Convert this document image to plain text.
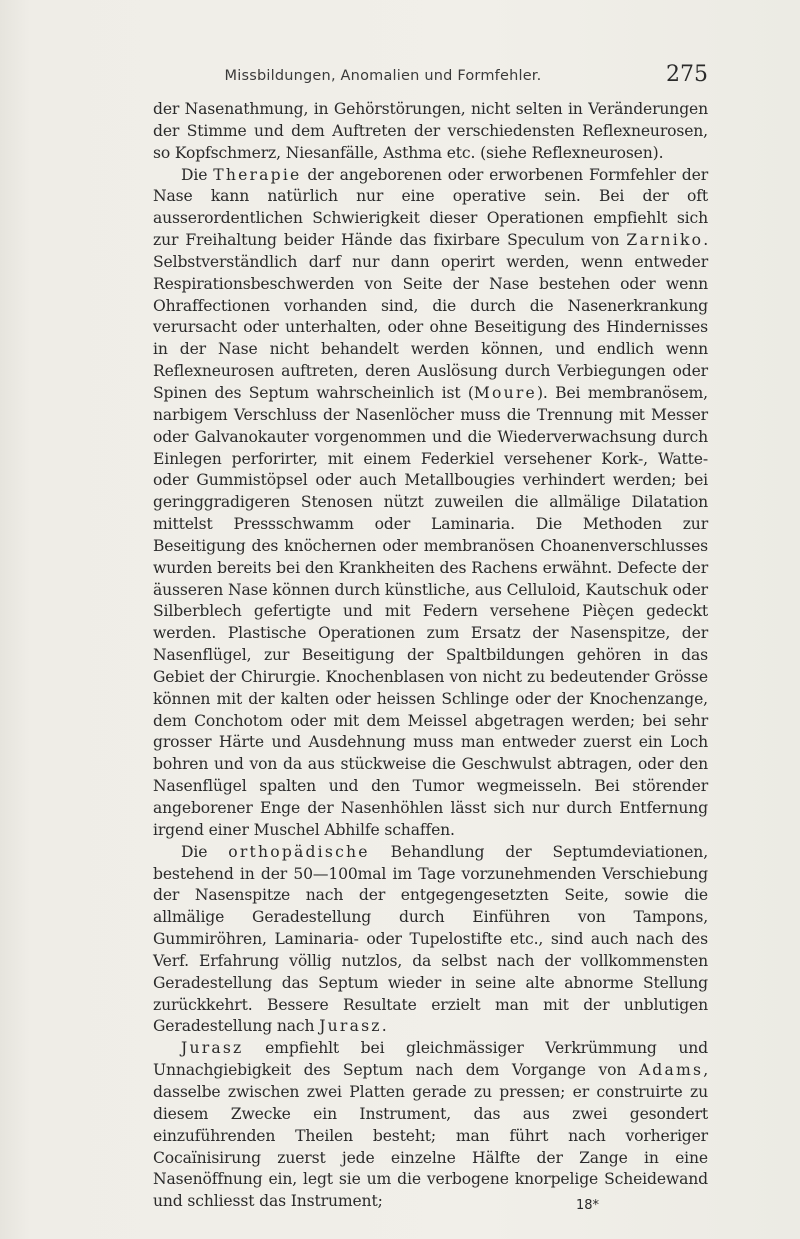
Missbildungen, Anomalien und Formfehler.	275

der Nasenathmung, in Gehörstörungen, nicht selten in Veränderungen der Stimme und dem Auftreten der verschiedensten Reflexneurosen, so Kopfschmerz, Niesanfälle, Asthma etc. (siehe Reflexneurosen).

Die Therapie der angeborenen oder erworbenen Formfehler der Nase kann natürlich nur eine operative sein. Bei der oft ausserordentlichen Schwierigkeit dieser Operationen empfiehlt sich zur Freihaltung beider Hände das fixirbare Speculum von Zarniko. Selbstverständlich darf nur dann operirt werden, wenn entweder Respirationsbeschwerden von Seite der Nase bestehen oder wenn Ohraffectionen vorhanden sind, die durch die Nasenerkrankung verursacht oder unterhalten, oder ohne Beseitigung des Hindernisses in der Nase nicht behandelt werden können, und endlich wenn Reflexneurosen auftreten, deren Auslösung durch Verbiegungen oder Spinen des Septum wahrscheinlich ist (Moure). Bei membranösem, narbigem Verschluss der Nasenlöcher muss die Trennung mit Messer oder Galvanokauter vorgenommen und die Wiederverwachsung durch Einlegen perforirter, mit einem Federkiel versehener Kork-, Watte- oder Gummistöpsel oder auch Metallbougies verhindert werden; bei geringgradigeren Stenosen nützt zuweilen die allmälige Dilatation mittelst Pressschwamm oder Laminaria. Die Methoden zur Beseitigung des knöchernen oder membranösen Choanenverschlusses wurden bereits bei den Krankheiten des Rachens erwähnt. Defecte der äusseren Nase können durch künstliche, aus Celluloid, Kautschuk oder Silberblech gefertigte und mit Federn versehene Pièçen gedeckt werden. Plastische Operationen zum Ersatz der Nasenspitze, der Nasenflügel, zur Beseitigung der Spaltbildungen gehören in das Gebiet der Chirurgie. Knochenblasen von nicht zu bedeutender Grösse können mit der kalten oder heissen Schlinge oder der Knochenzange, dem Conchotom oder mit dem Meissel abgetragen werden; bei sehr grosser Härte und Ausdehnung muss man entweder zuerst ein Loch bohren und von da aus stückweise die Geschwulst abtragen, oder den Nasenflügel spalten und den Tumor wegmeisseln. Bei störender angeborener Enge der Nasenhöhlen lässt sich nur durch Entfernung irgend einer Muschel Abhilfe schaffen.

Die orthopädische Behandlung der Septumdeviationen, bestehend in der 50—100mal im Tage vorzunehmenden Verschiebung der Nasenspitze nach der entgegengesetzten Seite, sowie die allmälige Geradestellung durch Einführen von Tampons, Gummiröhren, Laminaria- oder Tupelostifte etc., sind auch nach des Verf. Erfahrung völlig nutzlos, da selbst nach der vollkommensten Geradestellung das Septum wieder in seine alte abnorme Stellung zurückkehrt. Bessere Resultate erzielt man mit der unblutigen Geradestellung nach Jurasz.

Jurasz empfiehlt bei gleichmässiger Verkrümmung und Unnachgiebigkeit des Septum nach dem Vorgange von Adams, dasselbe zwischen zwei Platten gerade zu pressen; er construirte zu diesem Zwecke ein Instrument, das aus zwei gesondert einzuführenden Theilen besteht; man führt nach vorheriger Cocaïnisirung zuerst jede einzelne Hälfte der Zange in eine Nasenöffnung ein, legt sie um die verbogene knorpelige Scheidewand und schliesst das Instrument;	18*
